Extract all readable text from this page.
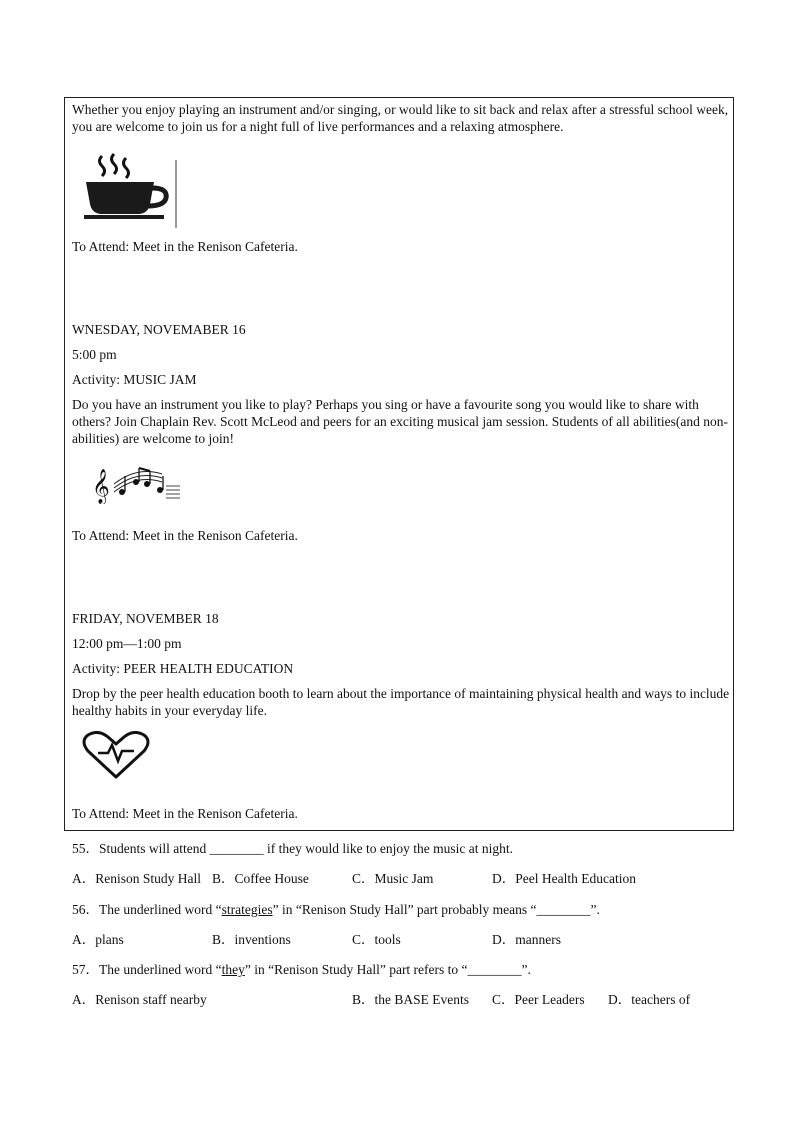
Whether you enjoy playing an instrument and/or singing, or would like to sit back and relax after a stressful school week, you are welcome to join us for a night full of live performances and a relaxing atmosphere.

To Attend: Meet in the Renison Cafeteria.

WNESDAY, NOVEMABER 16

5:00 pm

Activity: MUSIC JAM

Do you have an instrument you like to play? Perhaps you sing or have a favourite song you would like to share with others? Join Chaplain Rev. Scott McLeod and peers for an exciting musical jam session. Students of all abilities(and non-abilities) are welcome to join!

𝄞

To Attend: Meet in the Renison Cafeteria.

FRIDAY, NOVEMBER 18

12:00 pm—1:00 pm

Activity: PEER HEALTH EDUCATION

Drop by the peer health education booth to learn about the importance of maintaining physical health and ways to include healthy habits in your everyday life.

To Attend: Meet in the Renison Cafeteria.

55．Students will attend ________ if they would like to enjoy the music at night.

A．Renison Study Hall B．Coffee House	C．Music Jam	D．Peel Health Education

56．The underlined word “strategies” in “Renison Study Hall” part probably means “________”.

A．plans	B．inventions	C．tools	D．manners

57．The underlined word “they” in “Renison Study Hall” part refers to “________”.

A．Renison staff nearby	B．the BASE Events C．Peer Leaders D．teachers of
